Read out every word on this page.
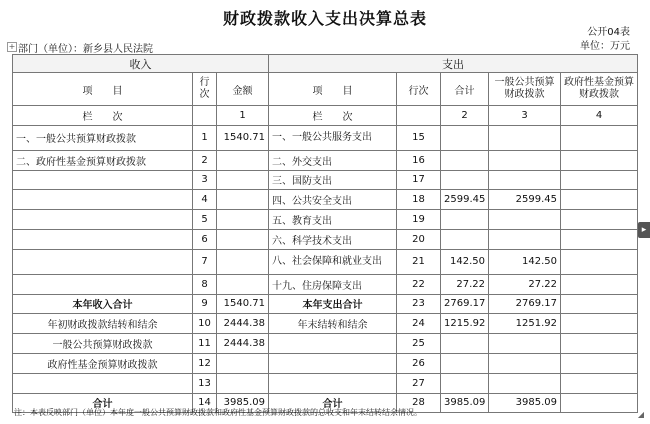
财政拨款收入支出决算总表
公开04表
单位：万元
+ 部门（单位）：新乡县人民法院
收入			支出				
项　　目	行次	金额	项　　目	行次	合计	一般公共预算财政拨款	政府性基金预算财政拨款
栏　　次		1	栏　　次		2	3	4
一、一般公共预算财政拨款	1	1540.71	一、一般公共服务支出	15			
二、政府性基金预算财政拨款	2		二、外交支出	16			
	3		三、国防支出	17			
	4		四、公共安全支出	18	2599.45	2599.45	
	5		五、教育支出	19			
	6		六、科学技术支出	20			
	7		八、社会保障和就业支出	21	142.50	142.50	
	8		十九、住房保障支出	22	27.22	27.22	
本年收入合计	9	1540.71	本年支出合计	23	2769.17	2769.17	
年初财政拨款结转和结余	10	2444.38	年末结转和结余	24	1215.92	1251.92	
一般公共预算财政拨款	11	2444.38		25			
政府性基金预算财政拨款	12			26			
	13			27			
合计	14	3985.09	合计	28	3985.09	3985.09	
注：本表反映部门（单位）本年度一般公共预算财政拨款和政府性基金预算财政拨款的总收支和年末结转结余情况。
▸
◢
